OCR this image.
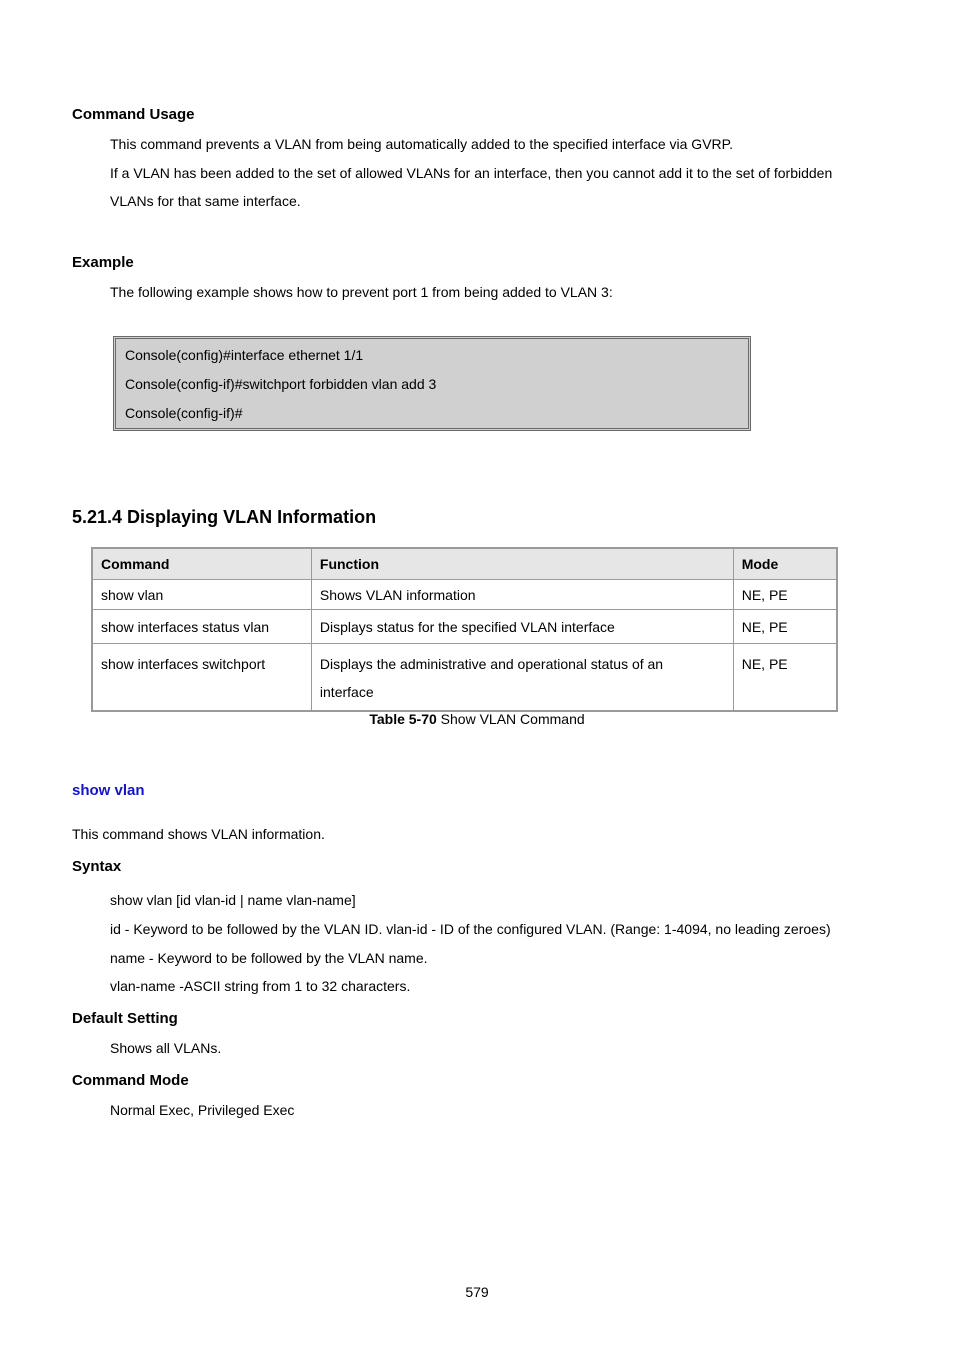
Command Usage
This command prevents a VLAN from being automatically added to the specified interface via GVRP.
If a VLAN has been added to the set of allowed VLANs for an interface, then you cannot add it to the set of forbidden
VLANs for that same interface.
Example
The following example shows how to prevent port 1 from being added to VLAN 3:
Console(config)#interface ethernet 1/1
Console(config-if)#switchport forbidden vlan add 3
Console(config-if)#
5.21.4 Displaying VLAN Information
Command	Function	Mode
show vlan	Shows VLAN information	NE, PE
show interfaces status vlan	Displays status for the specified VLAN interface	NE, PE
show interfaces switchport	Displays the administrative and operational status of an interface	NE, PE
Table 5-70 Show VLAN Command
show vlan
This command shows VLAN information.
Syntax
show vlan [id vlan-id | name vlan-name]
id - Keyword to be followed by the VLAN ID. vlan-id - ID of the configured VLAN. (Range: 1-4094, no leading zeroes)
name - Keyword to be followed by the VLAN name.
vlan-name -ASCII string from 1 to 32 characters.
Default Setting
Shows all VLANs.
Command Mode
Normal Exec, Privileged Exec
579
